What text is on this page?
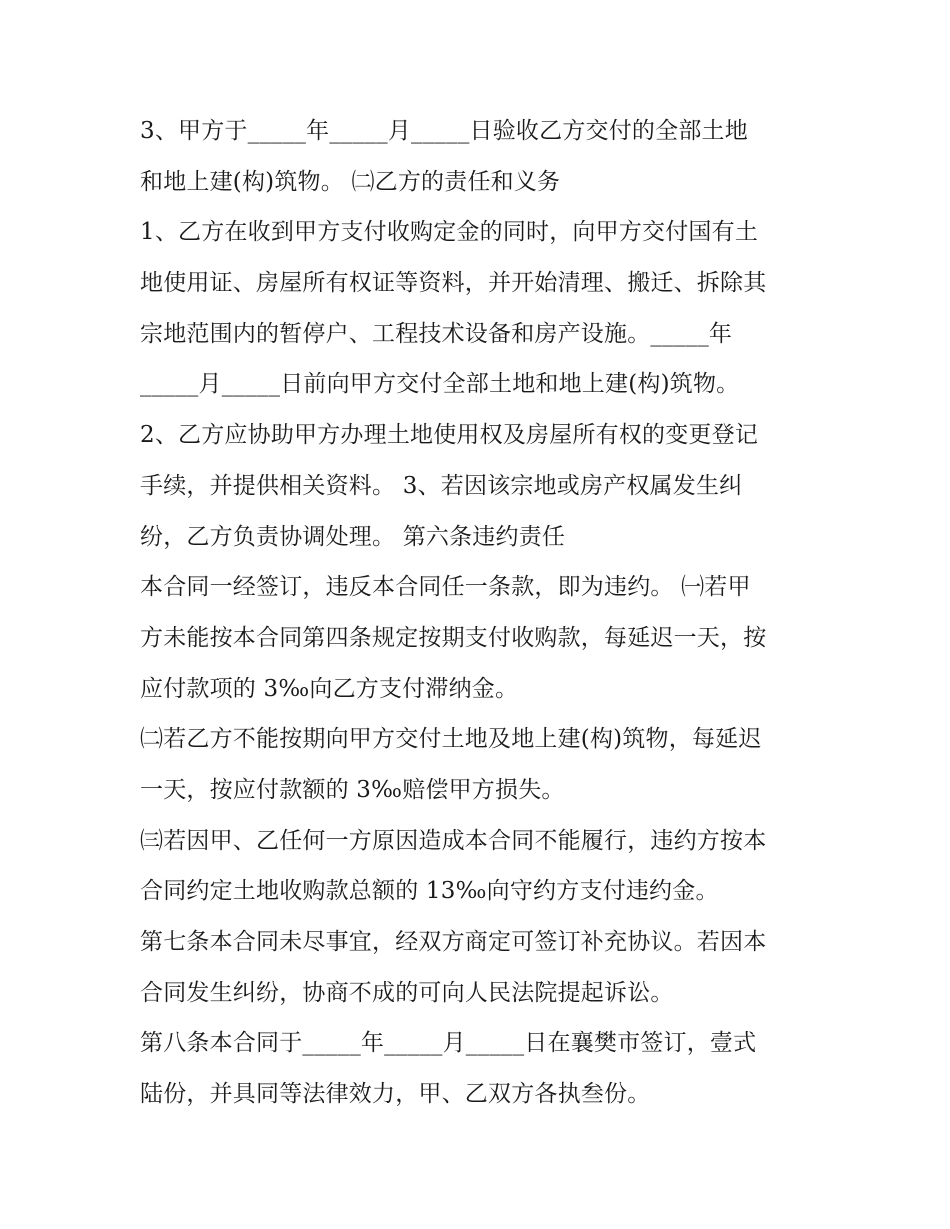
3、甲方于_____年_____月_____日验收乙方交付的全部土地
和地上建(构)筑物。 ㈡乙方的责任和义务
1、乙方在收到甲方支付收购定金的同时，向甲方交付国有土
地使用证、房屋所有权证等资料，并开始清理、搬迁、拆除其
宗地范围内的暂停户、工程技术设备和房产设施。_____年
_____月_____日前向甲方交付全部土地和地上建(构)筑物。
2、乙方应协助甲方办理土地使用权及房屋所有权的变更登记
手续，并提供相关资料。 3、若因该宗地或房产权属发生纠
纷，乙方负责协调处理。 第六条违约责任
本合同一经签订，违反本合同任一条款，即为违约。 ㈠若甲
方未能按本合同第四条规定按期支付收购款，每延迟一天，按
应付款项的 3‰向乙方支付滞纳金。
㈡若乙方不能按期向甲方交付土地及地上建(构)筑物，每延迟
一天，按应付款额的 3‰赔偿甲方损失。
㈢若因甲、乙任何一方原因造成本合同不能履行，违约方按本
合同约定土地收购款总额的 13‰向守约方支付违约金。
第七条本合同未尽事宜，经双方商定可签订补充协议。若因本
合同发生纠纷，协商不成的可向人民法院提起诉讼。
第八条本合同于_____年_____月_____日在襄樊市签订，壹式
陆份，并具同等法律效力，甲、乙双方各执叁份。
